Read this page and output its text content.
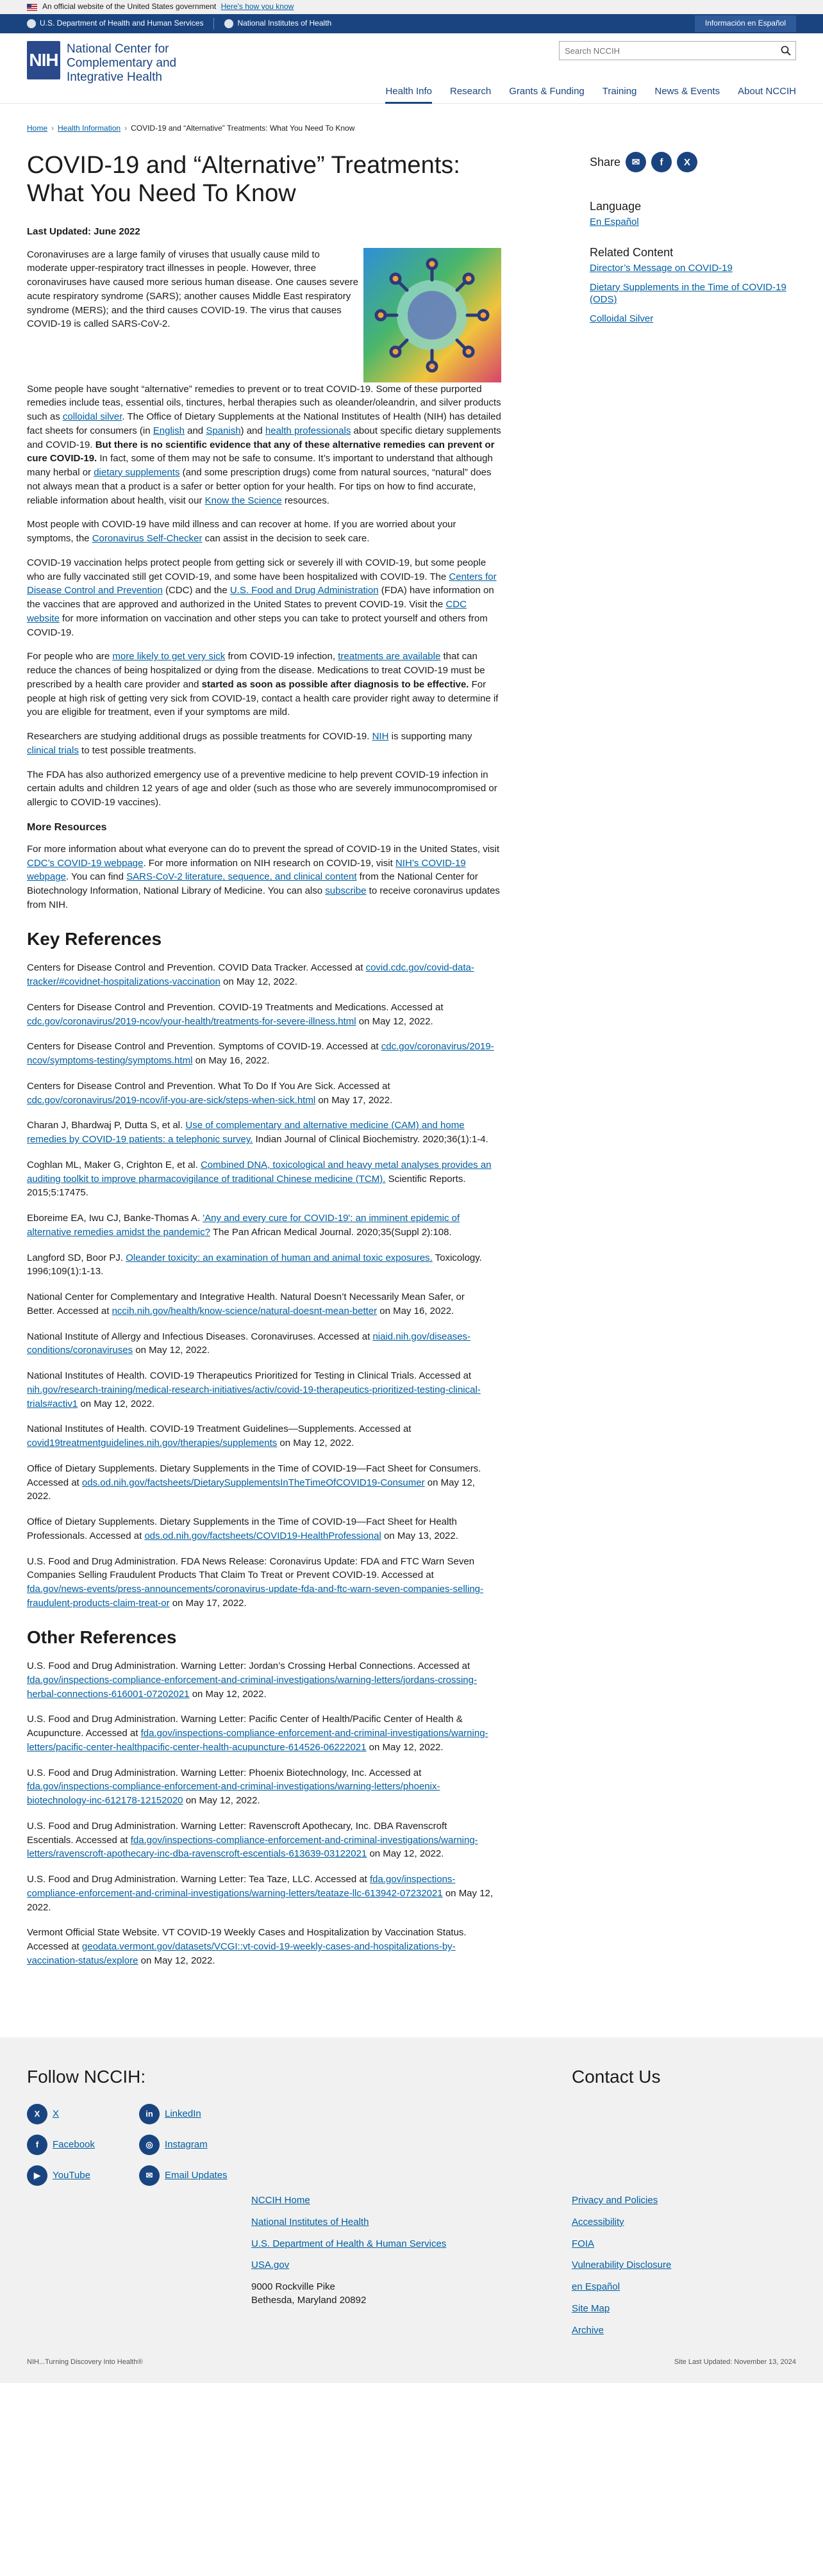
An official website of the United States government Here's how you know
U.S. Department of Health and Human Services	National Institutes of Health	Información en Español
NIH
National Center for Complementary and Integrative Health
Search NCCIH
Health Info Research Grants & Funding Training News & Events About NCCIH
Home › Health Information › COVID-19 and “Alternative” Treatments: What You Need To Know
COVID-19 and “Alternative” Treatments: What You Need To Know
Last Updated: June 2022

Coronaviruses are a large family of viruses that usually cause mild to moderate upper-respiratory tract illnesses in people. However, three coronaviruses have caused more serious human disease. One causes severe acute respiratory syndrome (SARS); another causes Middle East respiratory syndrome (MERS); and the third causes COVID-19. The virus that causes COVID-19 is called SARS-CoV-2.

Some people have sought “alternative” remedies to prevent or to treat COVID-19. Some of these purported remedies include teas, essential oils, tinctures, herbal therapies such as oleander/oleandrin, and silver products such as colloidal silver. The Office of Dietary Supplements at the National Institutes of Health (NIH) has detailed fact sheets for consumers (in English and Spanish) and health professionals about specific dietary supplements and COVID-19. But there is no scientific evidence that any of these alternative remedies can prevent or cure COVID-19. In fact, some of them may not be safe to consume. It’s important to understand that although many herbal or dietary supplements (and some prescription drugs) come from natural sources, “natural” does not always mean that a product is a safer or better option for your health. For tips on how to find accurate, reliable information about health, visit our Know the Science resources.

Most people with COVID-19 have mild illness and can recover at home. If you are worried about your symptoms, the Coronavirus Self-Checker can assist in the decision to seek care.

COVID-19 vaccination helps protect people from getting sick or severely ill with COVID-19, but some people who are fully vaccinated still get COVID-19, and some have been hospitalized with COVID-19. The Centers for Disease Control and Prevention (CDC) and the U.S. Food and Drug Administration (FDA) have information on the vaccines that are approved and authorized in the United States to prevent COVID-19. Visit the CDC website for more information on vaccination and other steps you can take to protect yourself and others from COVID-19.

For people who are more likely to get very sick from COVID-19 infection, treatments are available that can reduce the chances of being hospitalized or dying from the disease. Medications to treat COVID-19 must be prescribed by a health care provider and started as soon as possible after diagnosis to be effective. For people at high risk of getting very sick from COVID-19, contact a health care provider right away to determine if you are eligible for treatment, even if your symptoms are mild.

Researchers are studying additional drugs as possible treatments for COVID-19. NIH is supporting many clinical trials to test possible treatments.

The FDA has also authorized emergency use of a preventive medicine to help prevent COVID-19 infection in certain adults and children 12 years of age and older (such as those who are severely immunocompromised or allergic to COVID-19 vaccines).

More Resources

For more information about what everyone can do to prevent the spread of COVID-19 in the United States, visit CDC’s COVID-19 webpage. For more information on NIH research on COVID-19, visit NIH’s COVID-19 webpage. You can find SARS-CoV-2 literature, sequence, and clinical content from the National Center for Biotechnology Information, National Library of Medicine. You can also subscribe to receive coronavirus updates from NIH.

Key References

Centers for Disease Control and Prevention. COVID Data Tracker. Accessed at covid.cdc.gov/covid-data-tracker/#covidnet-hospitalizations-vaccination on May 12, 2022.

Centers for Disease Control and Prevention. COVID-19 Treatments and Medications. Accessed at cdc.gov/coronavirus/2019-ncov/your-health/treatments-for-severe-illness.html on May 12, 2022.

Centers for Disease Control and Prevention. Symptoms of COVID-19. Accessed at cdc.gov/coronavirus/2019-ncov/symptoms-testing/symptoms.html on May 16, 2022.

Centers for Disease Control and Prevention. What To Do If You Are Sick. Accessed at cdc.gov/coronavirus/2019-ncov/if-you-are-sick/steps-when-sick.html on May 17, 2022.

Charan J, Bhardwaj P, Dutta S, et al. Use of complementary and alternative medicine (CAM) and home remedies by COVID-19 patients: a telephonic survey. Indian Journal of Clinical Biochemistry. 2020;36(1):1-4.

Coghlan ML, Maker G, Crighton E, et al. Combined DNA, toxicological and heavy metal analyses provides an auditing toolkit to improve pharmacovigilance of traditional Chinese medicine (TCM). Scientific Reports. 2015;5:17475.

Eboreime EA, Iwu CJ, Banke-Thomas A. 'Any and every cure for COVID-19': an imminent epidemic of alternative remedies amidst the pandemic? The Pan African Medical Journal. 2020;35(Suppl 2):108.

Langford SD, Boor PJ. Oleander toxicity: an examination of human and animal toxic exposures. Toxicology. 1996;109(1):1-13.

National Center for Complementary and Integrative Health. Natural Doesn’t Necessarily Mean Safer, or Better. Accessed at nccih.nih.gov/health/know-science/natural-doesnt-mean-better on May 16, 2022.

National Institute of Allergy and Infectious Diseases. Coronaviruses. Accessed at niaid.nih.gov/diseases-conditions/coronaviruses on May 12, 2022.

National Institutes of Health. COVID-19 Therapeutics Prioritized for Testing in Clinical Trials. Accessed at nih.gov/research-training/medical-research-initiatives/activ/covid-19-therapeutics-prioritized-testing-clinical-trials#activ1 on May 12, 2022.

National Institutes of Health. COVID-19 Treatment Guidelines—Supplements. Accessed at covid19treatmentguidelines.nih.gov/therapies/supplements on May 12, 2022.

Office of Dietary Supplements. Dietary Supplements in the Time of COVID-19—Fact Sheet for Consumers. Accessed at ods.od.nih.gov/factsheets/DietarySupplementsInTheTimeOfCOVID19-Consumer on May 12, 2022.

Office of Dietary Supplements. Dietary Supplements in the Time of COVID-19—Fact Sheet for Health Professionals. Accessed at ods.od.nih.gov/factsheets/COVID19-HealthProfessional on May 13, 2022.

U.S. Food and Drug Administration. FDA News Release: Coronavirus Update: FDA and FTC Warn Seven Companies Selling Fraudulent Products That Claim To Treat or Prevent COVID-19. Accessed at fda.gov/news-events/press-announcements/coronavirus-update-fda-and-ftc-warn-seven-companies-selling-fraudulent-products-claim-treat-or on May 17, 2022.

Other References

U.S. Food and Drug Administration. Warning Letter: Jordan’s Crossing Herbal Connections. Accessed at fda.gov/inspections-compliance-enforcement-and-criminal-investigations/warning-letters/jordans-crossing-herbal-connections-616001-07202021 on May 12, 2022.

U.S. Food and Drug Administration. Warning Letter: Pacific Center of Health/Pacific Center of Health & Acupuncture. Accessed at fda.gov/inspections-compliance-enforcement-and-criminal-investigations/warning-letters/pacific-center-healthpacific-center-health-acupuncture-614526-06222021 on May 12, 2022.

U.S. Food and Drug Administration. Warning Letter: Phoenix Biotechnology, Inc. Accessed at fda.gov/inspections-compliance-enforcement-and-criminal-investigations/warning-letters/phoenix-biotechnology-inc-612178-12152020 on May 12, 2022.

U.S. Food and Drug Administration. Warning Letter: Ravenscroft Apothecary, Inc. DBA Ravenscroft Escentials. Accessed at fda.gov/inspections-compliance-enforcement-and-criminal-investigations/warning-letters/ravenscroft-apothecary-inc-dba-ravenscroft-escentials-613639-03122021 on May 12, 2022.

U.S. Food and Drug Administration. Warning Letter: Tea Taze, LLC. Accessed at fda.gov/inspections-compliance-enforcement-and-criminal-investigations/warning-letters/teataze-llc-613942-07232021 on May 12, 2022.

Vermont Official State Website. VT COVID-19 Weekly Cases and Hospitalization by Vaccination Status. Accessed at geodata.vermont.gov/datasets/VCGI::vt-covid-19-weekly-cases-and-hospitalizations-by-vaccination-status/explore on May 12, 2022.

Share	✉	f	X
Language
En Español
Related Content
Director’s Message on COVID-19
Dietary Supplements in the Time of COVID-19 (ODS)
Colloidal Silver
Follow NCCIH:
X	X
f	Facebook
▶	YouTube
in	LinkedIn
◎	Instagram
✉	Email Updates
Contact Us
NCCIH Home
National Institutes of Health
U.S. Department of Health & Human Services
USA.gov
9000 Rockville Pike
Bethesda, Maryland 20892
Privacy and Policies
Accessibility
FOIA
Vulnerability Disclosure
en Español
Site Map
Archive
NIH...Turning Discovery Into Health®	Site Last Updated: November 13, 2024
